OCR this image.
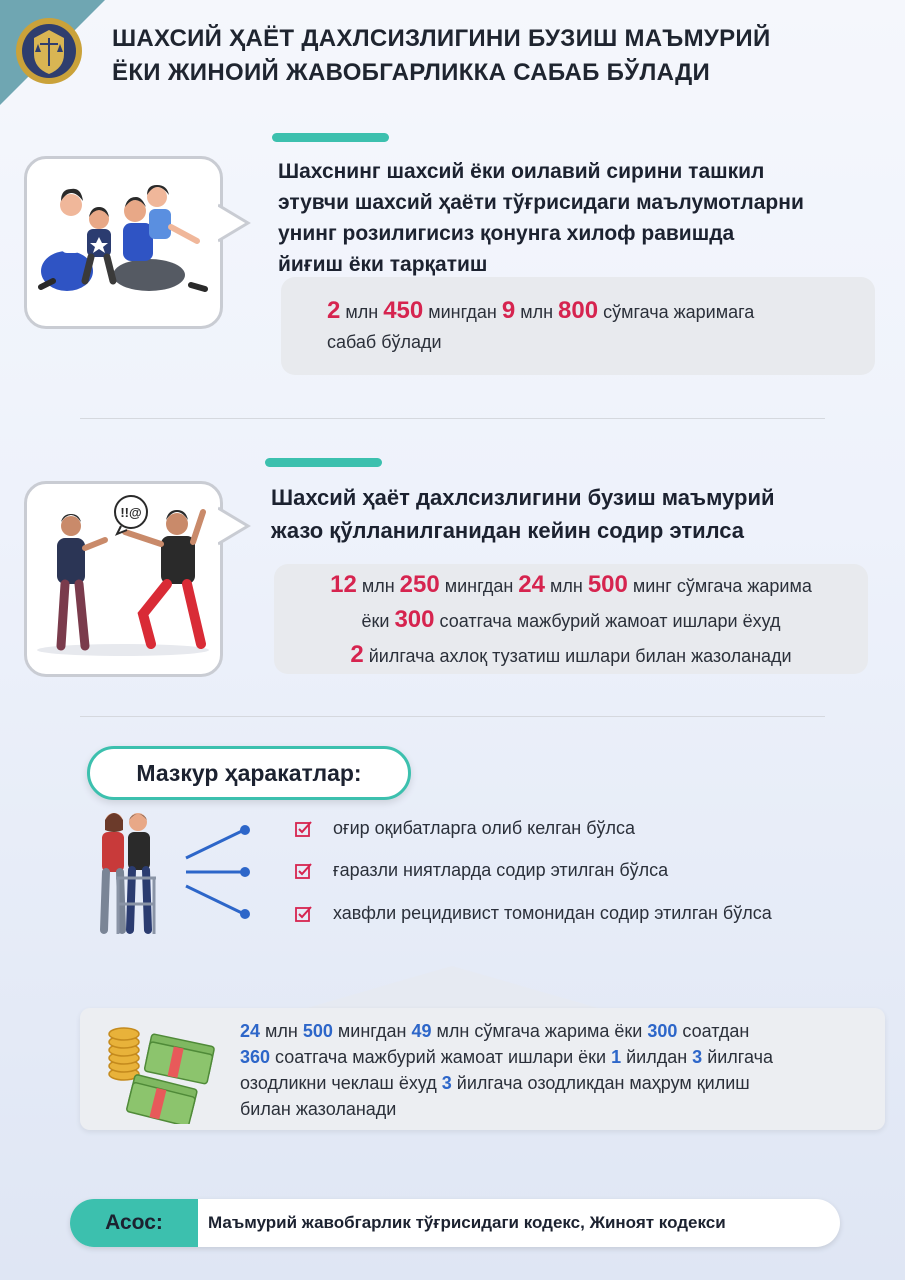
ШАХСИЙ ҲАЁТ ДАХЛСИЗЛИГИНИ БУЗИШ МАЪМУРИЙ
ЁКИ ЖИНОИЙ ЖАВОБГАРЛИККА САБАБ БЎЛАДИ
Шахснинг шахсий ёки оилавий сирини ташкил
этувчи шахсий ҳаёти тўғрисидаги маълумотларни
унинг розилигисиз қонунга хилоф равишда
йиғиш ёки тарқатиш
2 млн 450 мингдан 9 млн 800 сўмгача жаримага
сабаб бўлади
!!@
Шахсий ҳаёт дахлсизлигини бузиш маъмурий
жазо қўлланилганидан кейин содир этилса
12 млн 250 мингдан 24 млн 500 минг сўмгача жарима
ёки 300 соатгача мажбурий жамоат ишлари ёхуд
2 йилгача ахлоқ тузатиш ишлари билан жазоланади
Мазкур ҳаракатлар:
оғир оқибатларга олиб келган бўлса
ғаразли ниятларда содир этилган бўлса
хавфли рецидивист томонидан содир этилган бўлса
24 млн 500 мингдан 49 млн сўмгача жарима ёки 300 соатдан
360 соатгача мажбурий жамоат ишлари ёки 1 йилдан 3 йилгача
озодликни чеклаш ёхуд 3 йилгача озодликдан маҳрум қилиш
билан жазоланади
Асос:	Маъмурий жавобгарлик тўғрисидаги кодекс, Жиноят кодекси
